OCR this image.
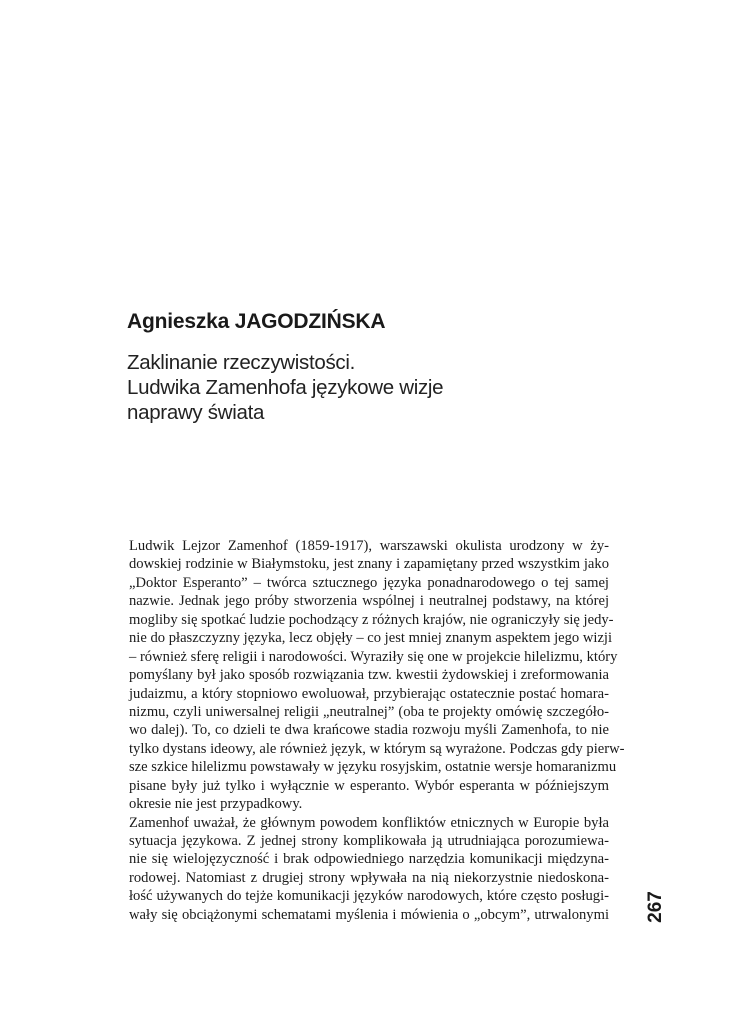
Agnieszka JAGODZIŃSKA
Zaklinanie rzeczywistości.
Ludwika Zamenhofa językowe wizje
naprawy świata
Ludwik Lejzor Zamenhof (1859-1917), warszawski okulista urodzony w ży-
dowskiej rodzinie w Białymstoku, jest znany i zapamiętany przed wszystkim jako
„Doktor Esperanto” – twórca sztucznego języka ponadnarodowego o tej samej
nazwie. Jednak jego próby stworzenia wspólnej i neutralnej podstawy, na której
mogliby się spotkać ludzie pochodzący z różnych krajów, nie ograniczyły się jedy-
nie do płaszczyzny języka, lecz objęły – co jest mniej znanym aspektem jego wizji
– również sferę religii i narodowości. Wyraziły się one w projekcie hilelizmu, który
pomyślany był jako sposób rozwiązania tzw. kwestii żydowskiej i zreformowania
judaizmu, a który stopniowo ewoluował, przybierając ostatecznie postać homara-
nizmu, czyli uniwersalnej religii „neutralnej” (oba te projekty omówię szczegóło-
wo dalej). To, co dzieli te dwa krańcowe stadia rozwoju myśli Zamenhofa, to nie
tylko dystans ideowy, ale również język, w którym są wyrażone. Podczas gdy pierw-
sze szkice hilelizmu powstawały w języku rosyjskim, ostatnie wersje homaranizmu
pisane były już tylko i wyłącznie w esperanto. Wybór esperanta w późniejszym
okresie nie jest przypadkowy.
Zamenhof uważał, że głównym powodem konfliktów etnicznych w Europie była
sytuacja językowa. Z jednej strony komplikowała ją utrudniająca porozumiewa-
nie się wielojęzyczność i brak odpowiedniego narzędzia komunikacji międzyna-
rodowej. Natomiast z drugiej strony wpływała na nią niekorzystnie niedoskona-
łość używanych do tejże komunikacji języków narodowych, które często posługi-
wały się obciążonymi schematami myślenia i mówienia o „obcym”, utrwalonymi 267
